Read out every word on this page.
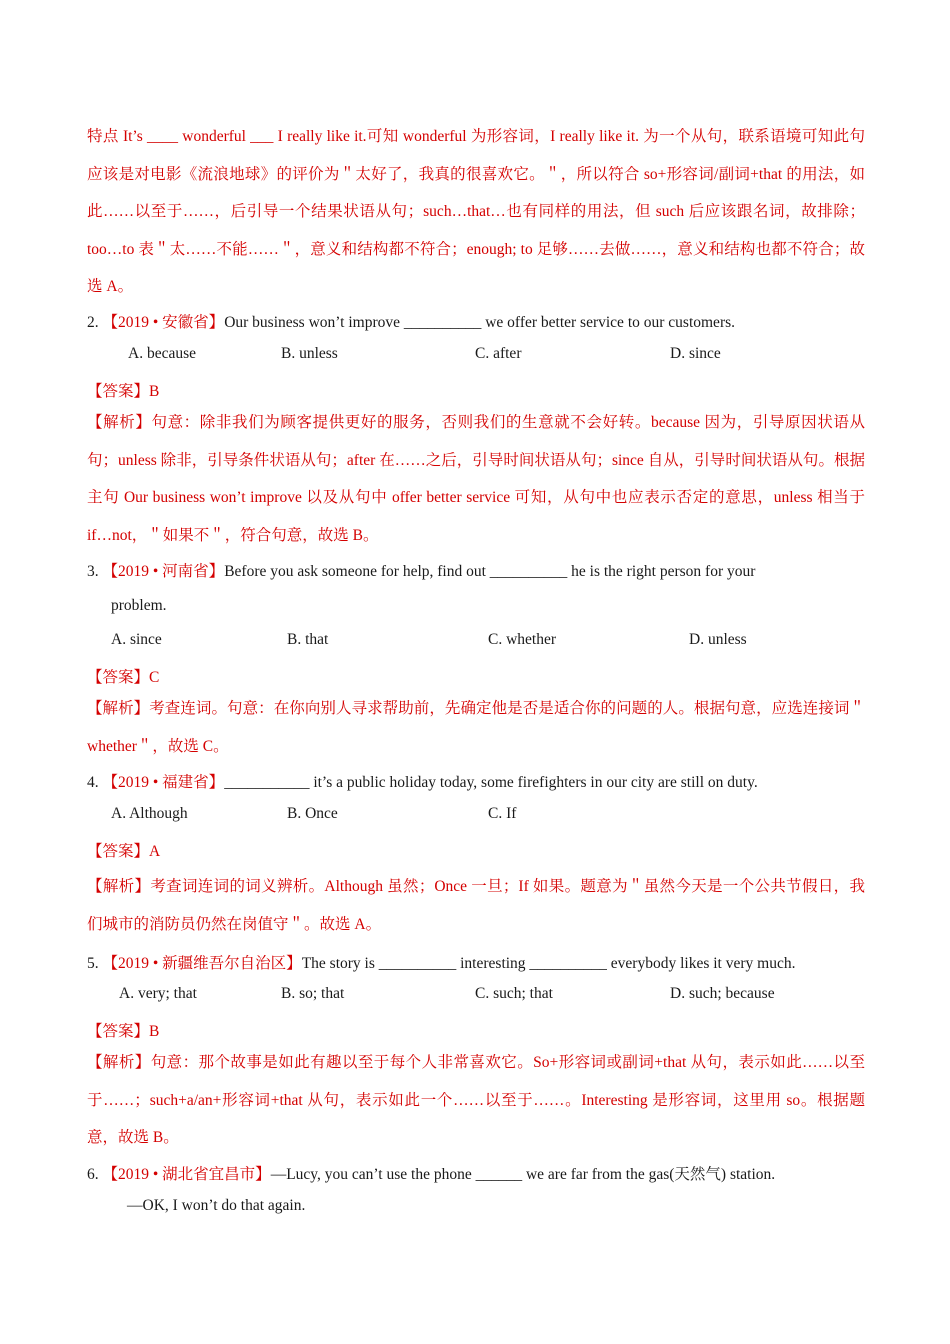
特点 It’s ____ wonderful ___ I really like it.可知 wonderful 为形容词，I really like it. 为一个从句，联系语境可知此句应该是对电影《流浪地球》的评价为＂太好了，我真的很喜欢它。＂，所以符合 so+形容词/副词+that 的用法，如此……以至于……，后引导一个结果状语从句；such…that…也有同样的用法，但 such 后应该跟名词，故排除；too…to 表＂太……不能……＂，意义和结构都不符合；enough; to 足够……去做……，意义和结构也都不符合；故选 A。
2. 【2019 • 安徽省】Our business won’t improve __________ we offer better service to our customers.
A. because	B. unless	C. after	D. since
【答案】B
【解析】句意：除非我们为顾客提供更好的服务，否则我们的生意就不会好转。because 因为，引导原因状语从句；unless 除非，引导条件状语从句；after 在……之后，引导时间状语从句；since 自从，引导时间状语从句。根据主句 Our business won’t improve 以及从句中 offer better service 可知，从句中也应表示否定的意思，unless 相当于 if…not，＂如果不＂，符合句意，故选 B。
3. 【2019 • 河南省】Before you ask someone for help, find out __________ he is the right person for your
problem.
A. since	B. that	C. whether	D. unless
【答案】C
【解析】考查连词。句意：在你向别人寻求帮助前，先确定他是否是适合你的问题的人。根据句意，应选连接词＂whether＂，故选 C。
4. 【2019 • 福建省】___________ it’s a public holiday today, some firefighters in our city are still on duty.
A. Although	B. Once	C. If
【答案】A
【解析】考查词连词的词义辨析。Although 虽然；Once 一旦；If 如果。题意为＂虽然今天是一个公共节假日，我们城市的消防员仍然在岗值守＂。故选 A。
5. 【2019 • 新疆维吾尔自治区】The story is __________ interesting __________ everybody likes it very much.
A. very; that	B. so; that	C. such; that	D. such; because
【答案】B
【解析】句意：那个故事是如此有趣以至于每个人非常喜欢它。So+形容词或副词+that 从句，表示如此……以至于……；such+a/an+形容词+that 从句，表示如此一个……以至于……。Interesting 是形容词，这里用 so。根据题意，故选 B。
6. 【2019 • 湖北省宜昌市】—Lucy, you can’t use the phone ______ we are far from the gas(天然气) station.
—OK, I won’t do that again.
